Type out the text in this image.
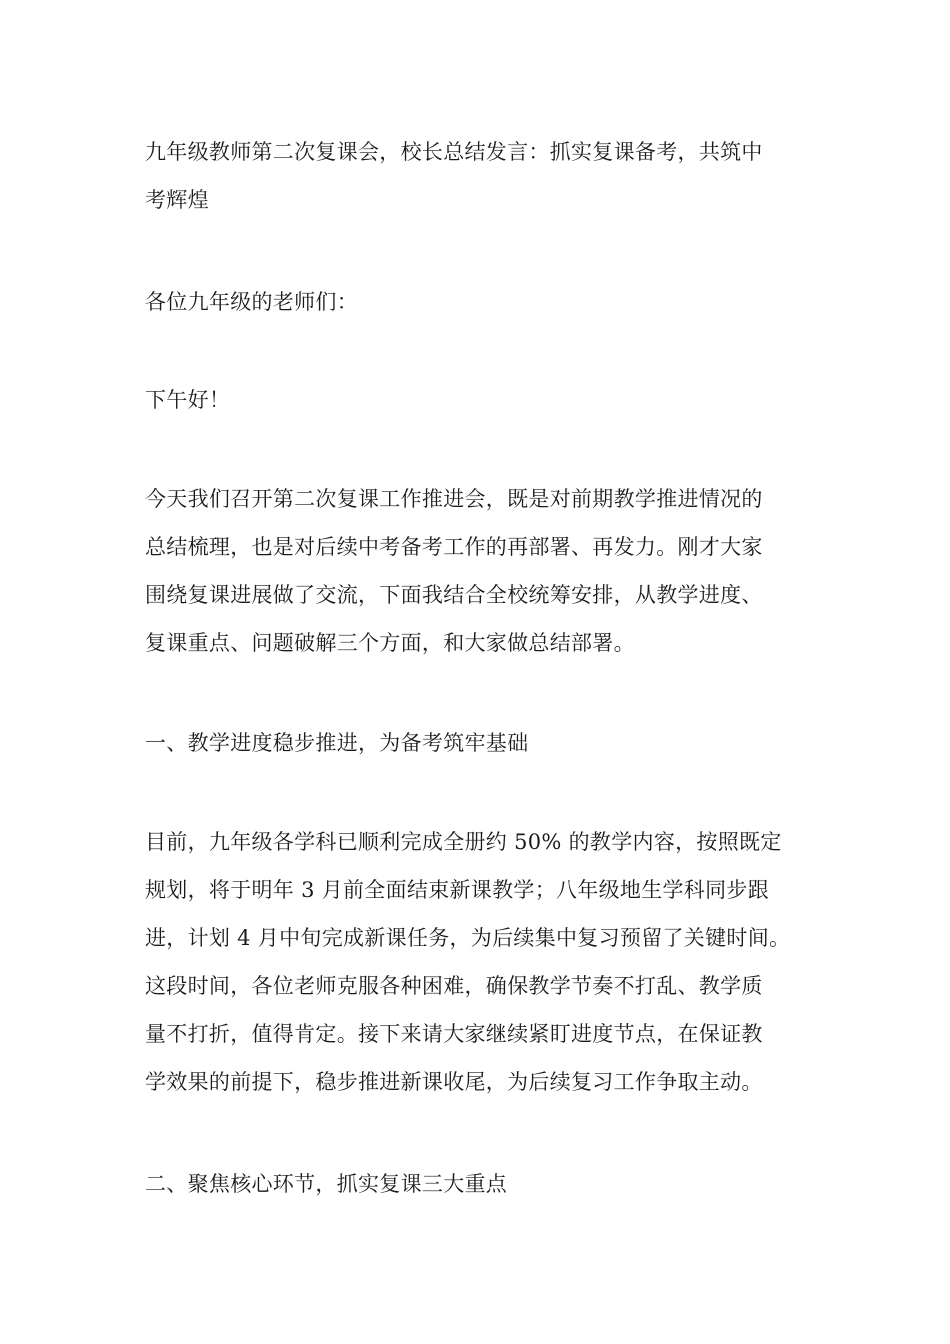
九年级教师第二次复课会，校长总结发言：抓实复课备考，共筑中
考辉煌

各位九年级的老师们：

下午好！

今天我们召开第二次复课工作推进会，既是对前期教学推进情况的
总结梳理，也是对后续中考备考工作的再部署、再发力。刚才大家
围绕复课进展做了交流，下面我结合全校统筹安排，从教学进度、
复课重点、问题破解三个方面，和大家做总结部署。

一、教学进度稳步推进，为备考筑牢基础

目前，九年级各学科已顺利完成全册约 50% 的教学内容，按照既定
规划，将于明年 3 月前全面结束新课教学；八年级地生学科同步跟
进，计划 4 月中旬完成新课任务，为后续集中复习预留了关键时间。
这段时间，各位老师克服各种困难，确保教学节奏不打乱、教学质
量不打折，值得肯定。接下来请大家继续紧盯进度节点，在保证教
学效果的前提下，稳步推进新课收尾，为后续复习工作争取主动。

二、聚焦核心环节，抓实复课三大重点
